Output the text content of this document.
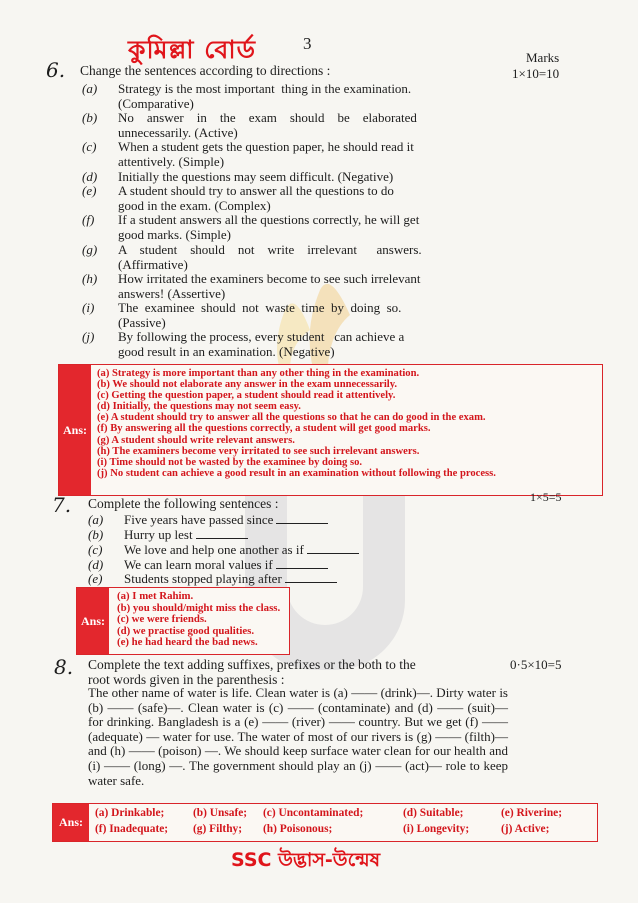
কুমিল্লা বোর্ড	3
Marks
1×10=10
6. Change the sentences according to directions :
(a) Strategy is the most important  thing in the examination.
(Comparative)
(b) No    answer    in    the    exam    should    be    elaborated
unnecessarily. (Active)
(c) When a student gets the question paper, he should read it
attentively. (Simple)
(d) Initially the questions may seem difficult. (Negative)
(e) A student should try to answer all the questions to do
good in the exam. (Complex)
(f) If a student answers all the questions correctly, he will get
good marks. (Simple)
(g) A    student    should    not    write    irrelevant      answers.
(Affirmative)
(h) How irritated the examiners become to see such irrelevant
answers! (Assertive)
(i) The  examinee  should  not  waste  time  by  doing  so.
(Passive)
(j) By following the process, every student   can achieve a
good result in an examination. (Negative)
Ans:
(a) Strategy is more important than any other thing in the examination.
(b) We should not elaborate any answer in the exam unnecessarily.
(c) Getting the question paper, a student should read it attentively.
(d) Initially, the questions may not seem easy.
(e) A student should try to answer all the questions so that he can do good in the exam.
(f) By answering all the questions correctly, a student will get good marks.
(g) A student should write relevant answers.
(h) The examiners become very irritated to see such irrelevant answers.
(i) Time should not be wasted by the examinee by doing so.
(j) No student can achieve a good result in an examination without following the process.
7. Complete the following sentences :	1×5=5
(a) Five years have passed since
(b) Hurry up lest
(c) We love and help one another as if
(d) We can learn moral values if
(e) Students stopped playing after
Ans:
(a) I met Rahim.
(b) you should/might miss the class.
(c) we were friends.
(d) we practise good qualities.
(e) he had heard the bad news.
8. Complete the text adding suffixes, prefixes or the both to the
root words given in the parenthesis :
0·5×10=5
The other name of water is life. Clean water is (a) —— (drink)—. Dirty water is (b) —— (safe)—. Clean water is (c) —— (contaminate) and (d) —— (suit)— for drinking. Bangladesh is a (e) —— (river) —— country. But we get (f) —— (adequate) — water for use. The water of most of our rivers is (g) —— (filth)— and (h) —— (poison) —. We should keep surface water clean for our health and (i) —— (long) —. The government should play an (j) —— (act)— role to keep water safe.
Ans:
(a) Drinkable;	(b) Unsafe; (c) Uncontaminated;	(d) Suitable;	(e) Riverine;
(f) Inadequate; (g) Filthy; (h) Poisonous;	(i) Longevity;	(j) Active;
SSC উদ্ভাস-উন্মেষ
